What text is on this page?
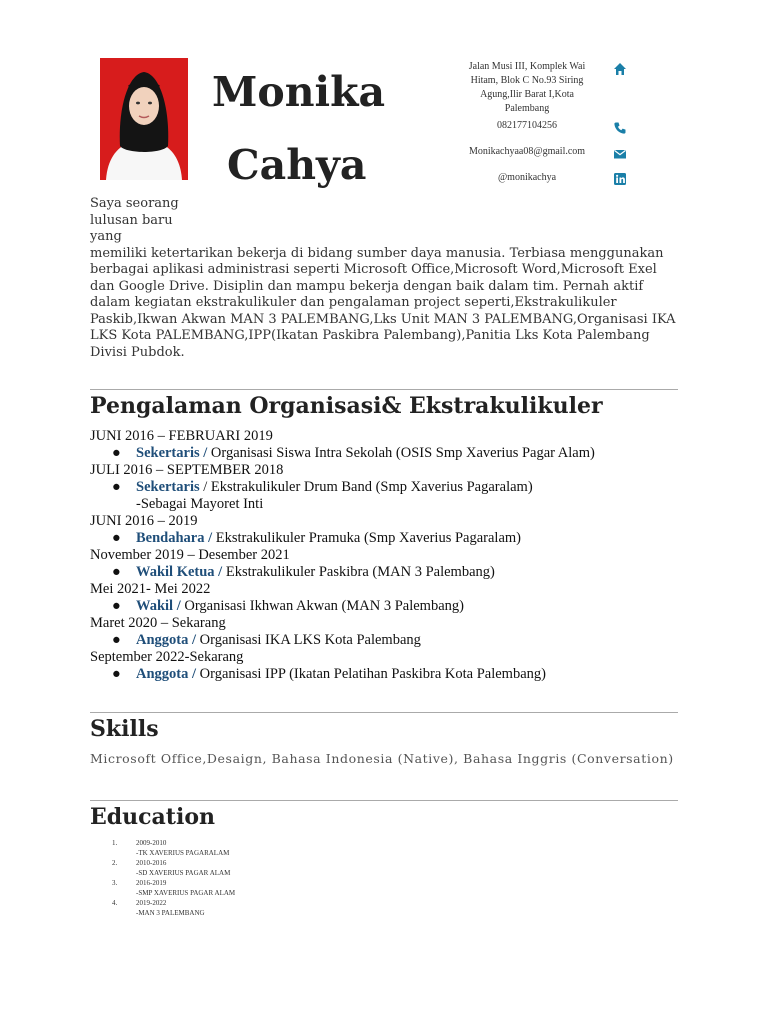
Monika
Cahya
Jalan Musi III, Komplek Wai Hitam, Blok C No.93 Siring Agung,Ilir Barat I,Kota Palembang
082177104256
Monikachyaa08@gmail.com
@monikachya
Saya seorang lulusan baru yang
memiliki ketertarikan bekerja di bidang sumber daya manusia. Terbiasa menggunakan berbagai aplikasi administrasi seperti Microsoft Office,Microsoft Word,Microsoft Exel dan Google Drive. Disiplin dan mampu bekerja dengan baik dalam tim. Pernah aktif dalam kegiatan ekstrakulikuler dan pengalaman project seperti,Ekstrakulikuler Paskib,Ikwan Akwan MAN 3 PALEMBANG,Lks Unit MAN 3 PALEMBANG,Organisasi IKA LKS Kota PALEMBANG,IPP(Ikatan Paskibra Palembang),Panitia Lks Kota Palembang Divisi Pubdok.
Pengalaman Organisasi& Ekstrakulikuler
JUNI 2016 – FEBRUARI 2019
● Sekertaris / Organisasi Siswa Intra Sekolah (OSIS Smp Xaverius Pagar Alam)
JULI 2016 – SEPTEMBER 2018
● Sekertaris / Ekstrakulikuler Drum Band (Smp Xaverius Pagaralam)
-Sebagai Mayoret Inti
JUNI 2016 – 2019
● Bendahara / Ekstrakulikuler Pramuka (Smp Xaverius Pagaralam)
November 2019 – Desember 2021
● Wakil Ketua / Ekstrakulikuler Paskibra (MAN 3 Palembang)
Mei 2021- Mei 2022
● Wakil / Organisasi Ikhwan Akwan (MAN 3 Palembang)
Maret 2020 – Sekarang
● Anggota / Organisasi IKA LKS Kota Palembang
September 2022-Sekarang
● Anggota / Organisasi IPP (Ikatan Pelatihan Paskibra Kota Palembang)
Skills
Microsoft Office,Desaign, Bahasa Indonesia (Native), Bahasa Inggris (Conversation)
Education
1.	2009-2010
-TK XAVERIUS PAGARALAM
2.	2010-2016
-SD XAVERIUS PAGAR ALAM
3.	2016-2019
-SMP XAVERIUS PAGAR ALAM
4.	2019-2022
-MAN 3 PALEMBANG
